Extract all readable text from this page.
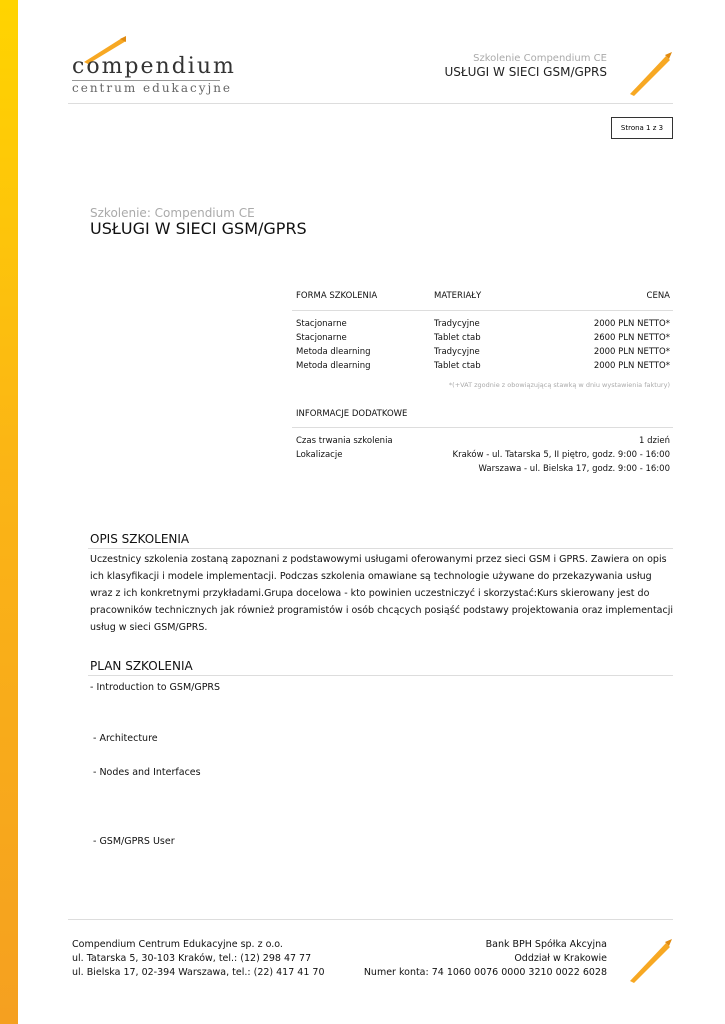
compendium
centrum edukacyjne
Szkolenie Compendium CE
USŁUGI W SIECI GSM/GPRS
Strona 1 z 3
Szkolenie: Compendium CE
USŁUGI W SIECI GSM/GPRS
FORMA SZKOLENIA	MATERIAŁY	CENA
Stacjonarne	Tradycyjne	2000 PLN NETTO*
Stacjonarne	Tablet ctab	2600 PLN NETTO*
Metoda dlearning	Tradycyjne	2000 PLN NETTO*
Metoda dlearning	Tablet ctab	2000 PLN NETTO*
*(+VAT zgodnie z obowiązującą stawką w dniu wystawienia faktury)
INFORMACJE DODATKOWE
Czas trwania szkolenia	1 dzień
Lokalizacje	Kraków - ul. Tatarska 5, II piętro, godz. 9:00 - 16:00
Warszawa - ul. Bielska 17, godz. 9:00 - 16:00
OPIS SZKOLENIA
Uczestnicy szkolenia zostaną zapoznani z podstawowymi usługami oferowanymi przez sieci GSM i GPRS. Zawiera on opis ich klasyfikacji i modele implementacji. Podczas szkolenia omawiane są technologie używane do przekazywania usług wraz z ich konkretnymi przykładami.Grupa docelowa - kto powinien uczestniczyć i skorzystać:Kurs skierowany jest do pracowników technicznych jak również programistów i osób chcących posiąść podstawy projektowania oraz implementacji usług w sieci GSM/GPRS.
PLAN SZKOLENIA
- Introduction to GSM/GPRS
- Architecture
- Nodes and Interfaces
- GSM/GPRS User
Compendium Centrum Edukacyjne sp. z o.o.
ul. Tatarska 5, 30-103 Kraków, tel.: (12) 298 47 77
ul. Bielska 17, 02-394 Warszawa, tel.: (22) 417 41 70
Bank BPH Spółka Akcyjna
Oddział w Krakowie
Numer konta: 74 1060 0076 0000 3210 0022 6028
